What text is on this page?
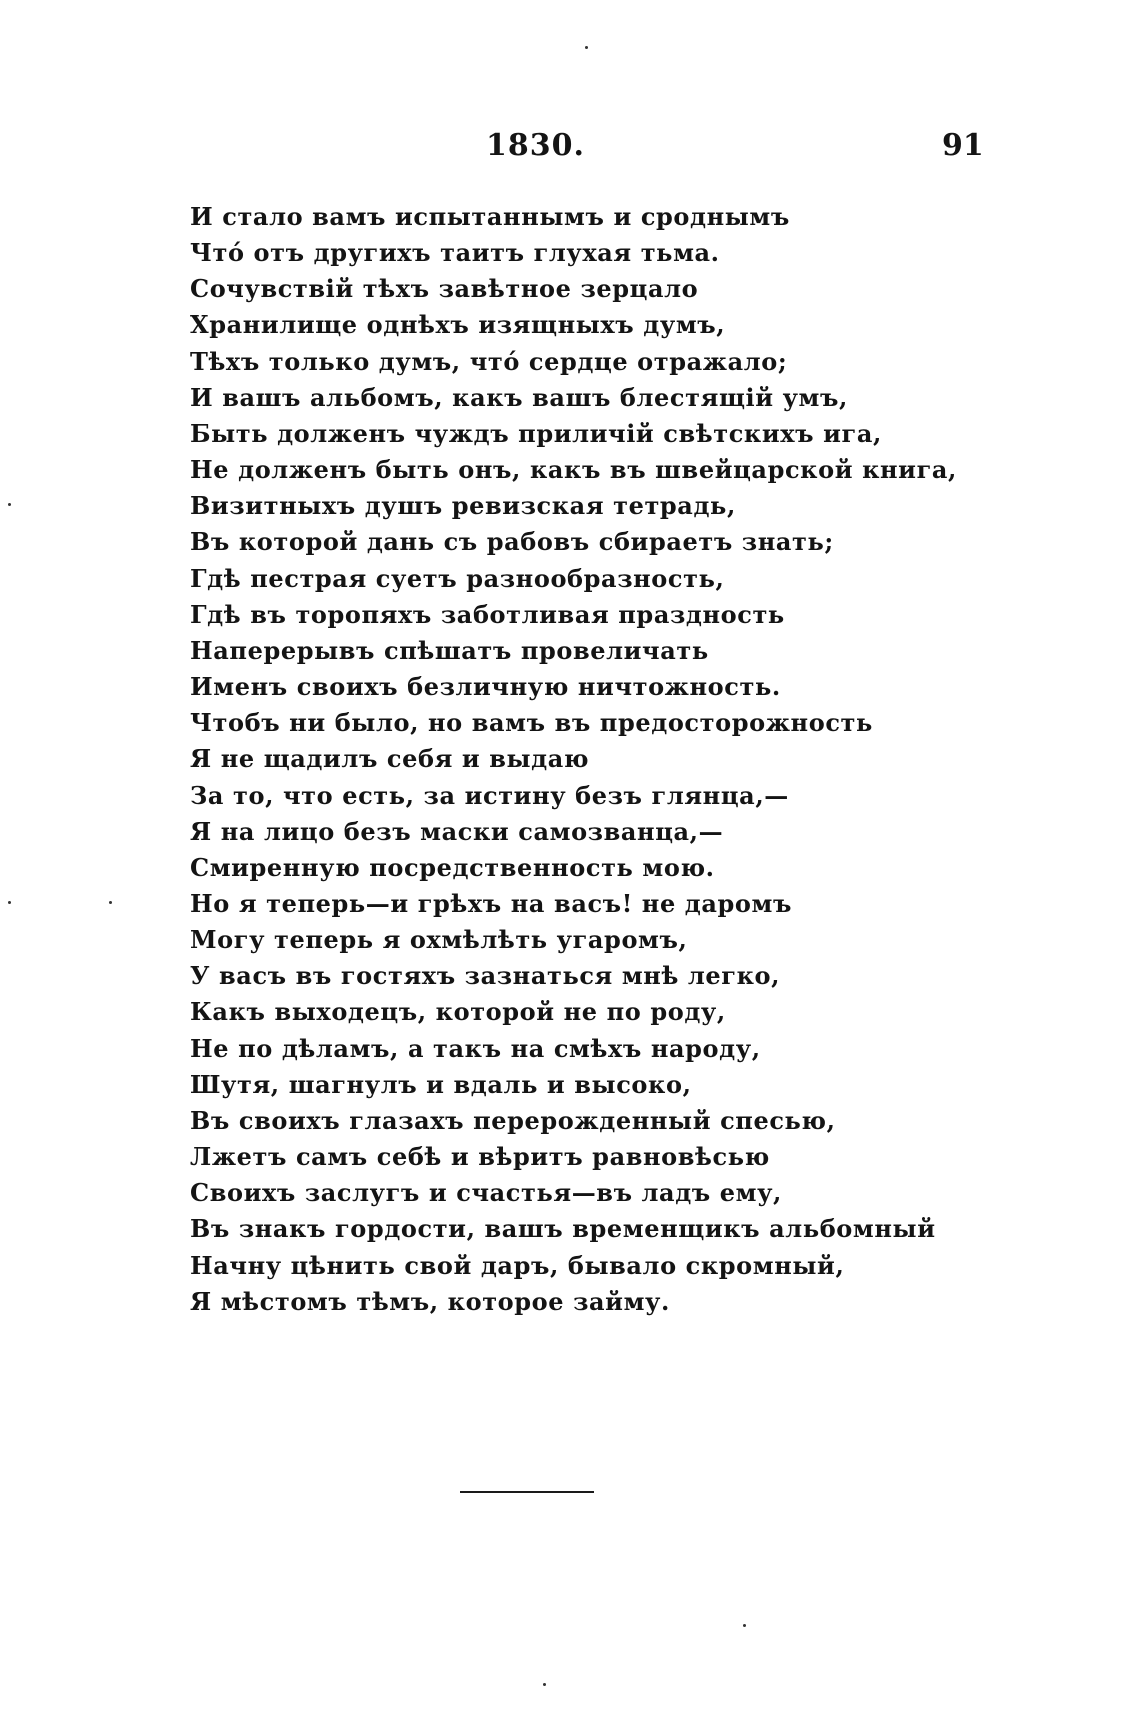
1830.	91
И стало вамъ испытаннымъ и сроднымъ
Чтó отъ другихъ таитъ глухая тьма.
Сочувствій тѣхъ завѣтное зерцало
Хранилище однѣхъ изящныхъ думъ,
Тѣхъ только думъ, чтó сердце отражало;
И вашъ альбомъ, какъ вашъ блестящій умъ,
Быть долженъ чуждъ приличій свѣтскихъ ига,
Не долженъ быть онъ, какъ въ швейцарской книга,
Визитныхъ душъ ревизская тетрадь,
Въ которой дань съ рабовъ сбираетъ знать;
Гдѣ пестрая суетъ разнообразность,
Гдѣ въ торопяхъ заботливая праздность
Наперерывъ спѣшатъ провеличать
Именъ своихъ безличную ничтожность.
Чтобъ ни было, но вамъ въ предосторожность
Я не щадилъ себя и выдаю
За то, что есть, за истину безъ глянца,—
Я на лицо безъ маски самозванца,—
Смиренную посредственность мою.
Но я теперь—и грѣхъ на васъ! не даромъ
Могу теперь я охмѣлѣть угаромъ,
У васъ въ гостяхъ зазнаться мнѣ легко,
Какъ выходецъ, которой не по роду,
Не по дѣламъ, а такъ на смѣхъ народу,
Шутя, шагнулъ и вдаль и высоко,
Въ своихъ глазахъ перерожденный спесью,
Лжетъ самъ себѣ и вѣритъ равновѣсью
Своихъ заслугъ и счастья—въ ладъ ему,
Въ знакъ гордости, вашъ временщикъ альбомный
Начну цѣнить свой даръ, бывало скромный,
Я мѣстомъ тѣмъ, которое займу.
